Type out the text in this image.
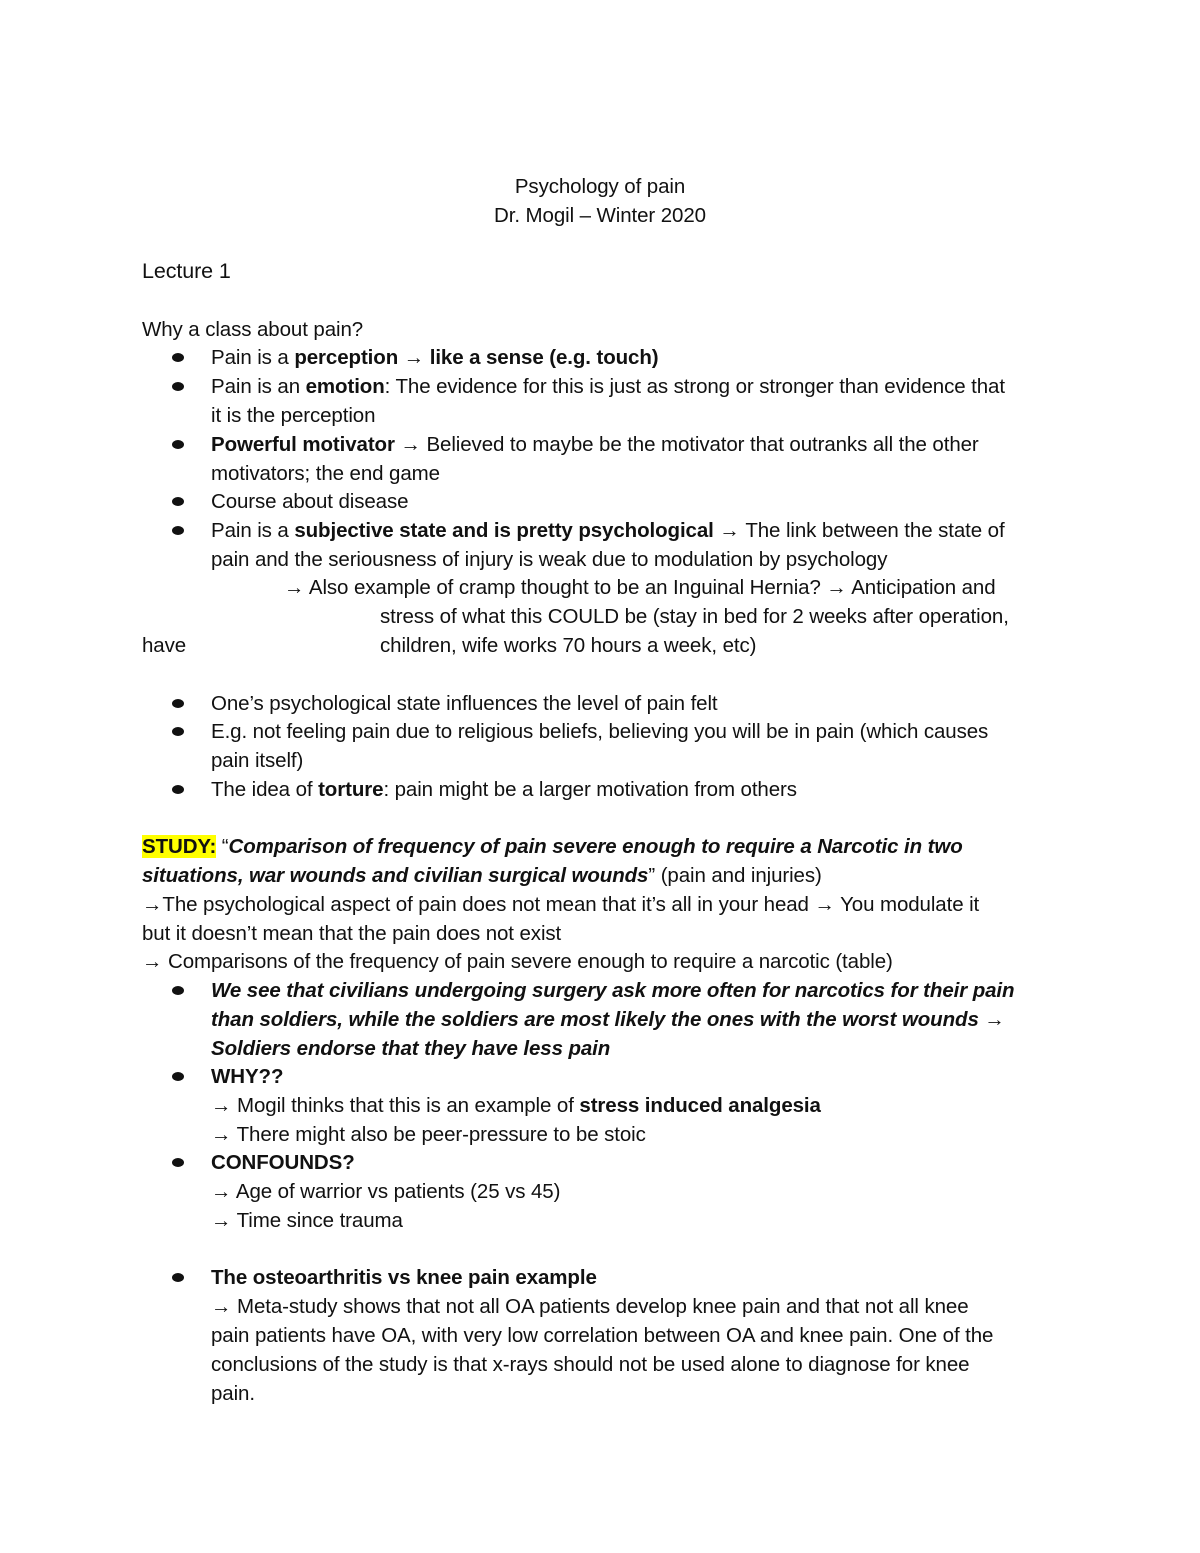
Psychology of pain
Dr. Mogil – Winter 2020
Lecture 1
Why a class about pain?
Pain is a perception → like a sense (e.g. touch)
Pain is an emotion: The evidence for this is just as strong or stronger than evidence that
it is the perception
Powerful motivator → Believed to maybe be the motivator that outranks all the other
motivators; the end game
Course about disease
Pain is a subjective state and is pretty psychological → The link between the state of
pain and the seriousness of injury is weak due to modulation by psychology
→ Also example of cramp thought to be an Inguinal Hernia? → Anticipation and
stress of what this COULD be (stay in bed for 2 weeks after operation,
have	children, wife works 70 hours a week, etc)
One’s psychological state influences the level of pain felt
E.g. not feeling pain due to religious beliefs, believing you will be in pain (which causes
pain itself)
The idea of torture: pain might be a larger motivation from others
STUDY: “Comparison of frequency of pain severe enough to require a Narcotic in two
situations, war wounds and civilian surgical wounds” (pain and injuries)
→The psychological aspect of pain does not mean that it’s all in your head → You modulate it
but it doesn’t mean that the pain does not exist
→ Comparisons of the frequency of pain severe enough to require a narcotic (table)
We see that civilians undergoing surgery ask more often for narcotics for their pain
than soldiers, while the soldiers are most likely the ones with the worst wounds →
Soldiers endorse that they have less pain
WHY??
→ Mogil thinks that this is an example of stress induced analgesia
→ There might also be peer-pressure to be stoic
CONFOUNDS?
→ Age of warrior vs patients (25 vs 45)
→ Time since trauma
The osteoarthritis vs knee pain example
→ Meta-study shows that not all OA patients develop knee pain and that not all knee
pain patients have OA, with very low correlation between OA and knee pain. One of the
conclusions of the study is that x-rays should not be used alone to diagnose for knee
pain.
